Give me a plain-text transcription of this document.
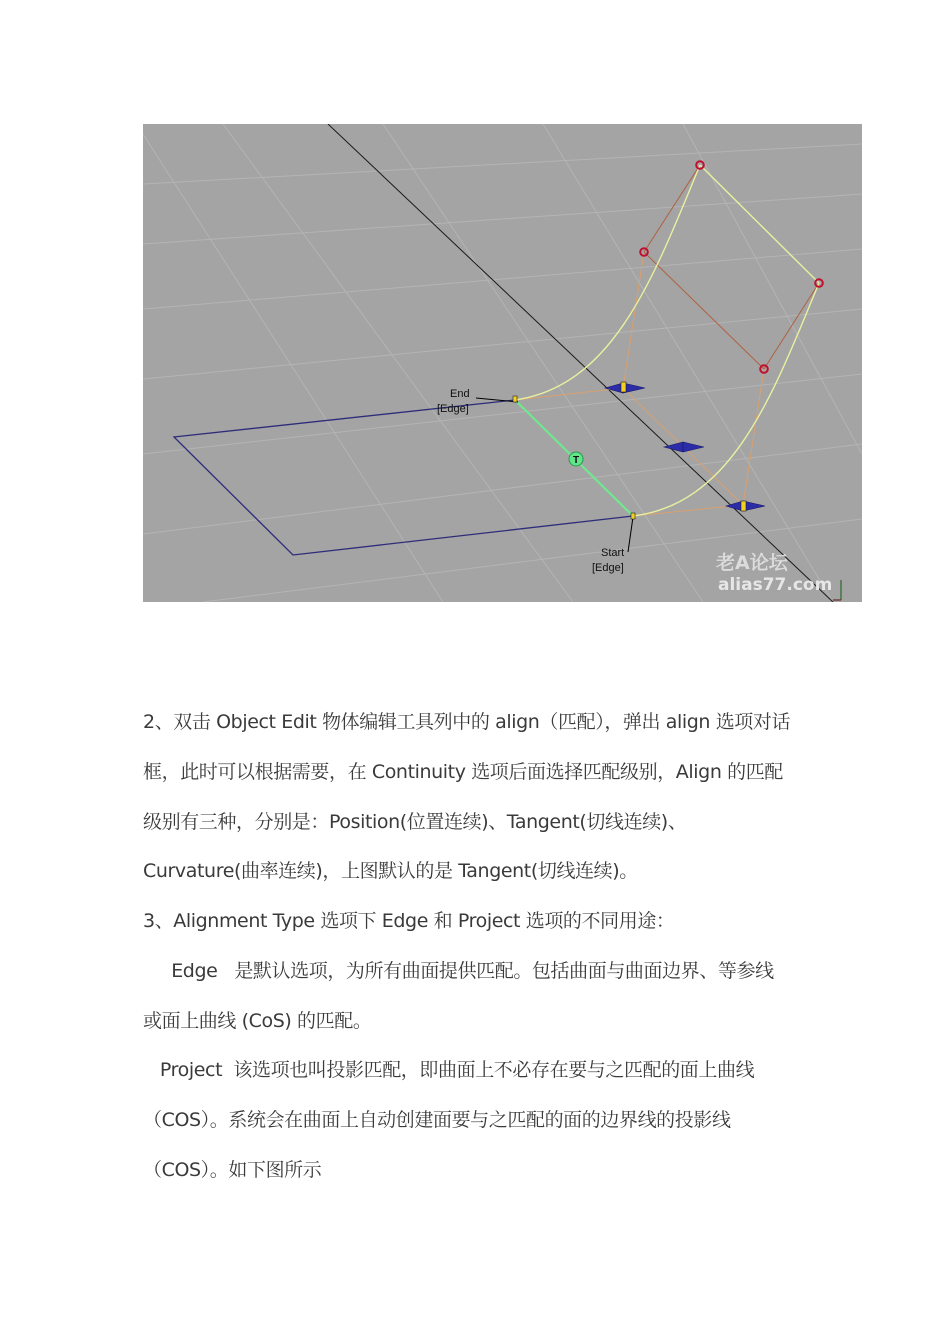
T
End
[Edge]
Start
[Edge]	老A论坛
alias77.com

2、双击 Object Edit 物体编辑工具列中的 align（匹配），弹出 align 选项对话

框，此时可以根据需要，在 Continuity 选项后面选择匹配级别，Align 的匹配

级别有三种，分别是：Position(位置连续)、Tangent(切线连续)、

Curvature(曲率连续)，上图默认的是 Tangent(切线连续)。

3、Alignment Type 选项下 Edge 和 Project 选项的不同用途：

Edge   是默认选项，为所有曲面提供匹配。包括曲面与曲面边界、等参线

或面上曲线 (CoS) 的匹配。

Project  该选项也叫投影匹配，即曲面上不必存在要与之匹配的面上曲线

（COS）。系统会在曲面上自动创建面要与之匹配的面的边界线的投影线

（COS）。如下图所示
